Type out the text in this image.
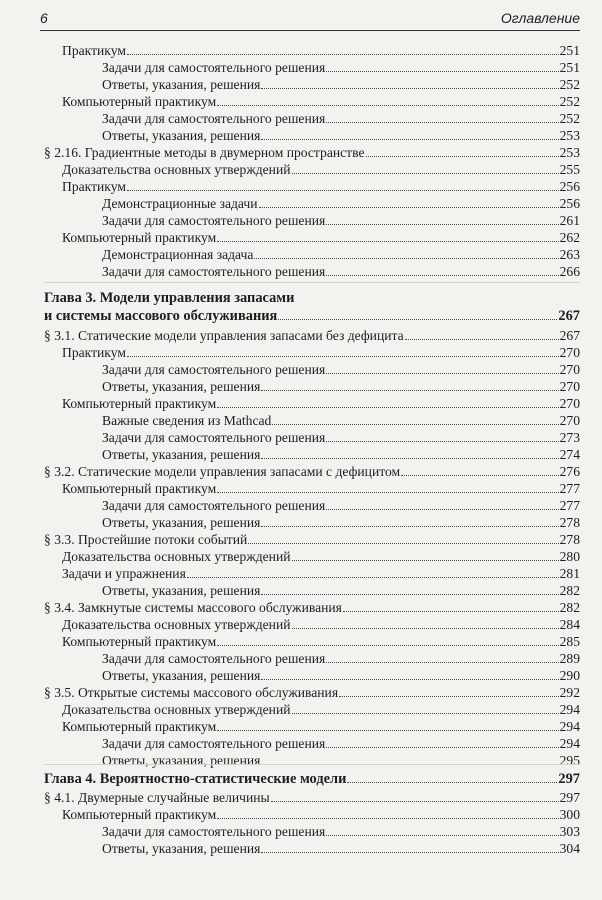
6	Оглавление
Практикум	251
Задачи для самостоятельного решения	251
Ответы, указания, решения	252
Компьютерный практикум	252
Задачи для самостоятельного решения	252
Ответы, указания, решения	253
§ 2.16. Градиентные методы в двумерном пространстве	253
Доказательства основных утверждений	255
Практикум	256
Демонстрационные задачи	256
Задачи для самостоятельного решения	261
Компьютерный практикум	262
Демонстрационная задача	263
Задачи для самостоятельного решения	266
Глава 3. Модели управления запасами
и системы массового обслуживания	267
§ 3.1. Статические модели управления запасами без дефицита	267
Практикум	270
Задачи для самостоятельного решения	270
Ответы, указания, решения	270
Компьютерный практикум	270
Важные сведения из Mathcad	270
Задачи для самостоятельного решения	273
Ответы, указания, решения	274
§ 3.2. Статические модели управления запасами с дефицитом	276
Компьютерный практикум	277
Задачи для самостоятельного решения	277
Ответы, указания, решения	278
§ 3.3. Простейшие потоки событий	278
Доказательства основных утверждений	280
Задачи и упражнения	281
Ответы, указания, решения	282
§ 3.4. Замкнутые системы массового обслуживания	282
Доказательства основных утверждений	284
Компьютерный практикум	285
Задачи для самостоятельного решения	289
Ответы, указания, решения	290
§ 3.5. Открытые системы массового обслуживания	292
Доказательства основных утверждений	294
Компьютерный практикум	294
Задачи для самостоятельного решения	294
Ответы, указания, решения	295
Глава 4. Вероятностно-статистические модели	297
§ 4.1. Двумерные случайные величины	297
Компьютерный практикум	300
Задачи для самостоятельного решения	303
Ответы, указания, решения	304
